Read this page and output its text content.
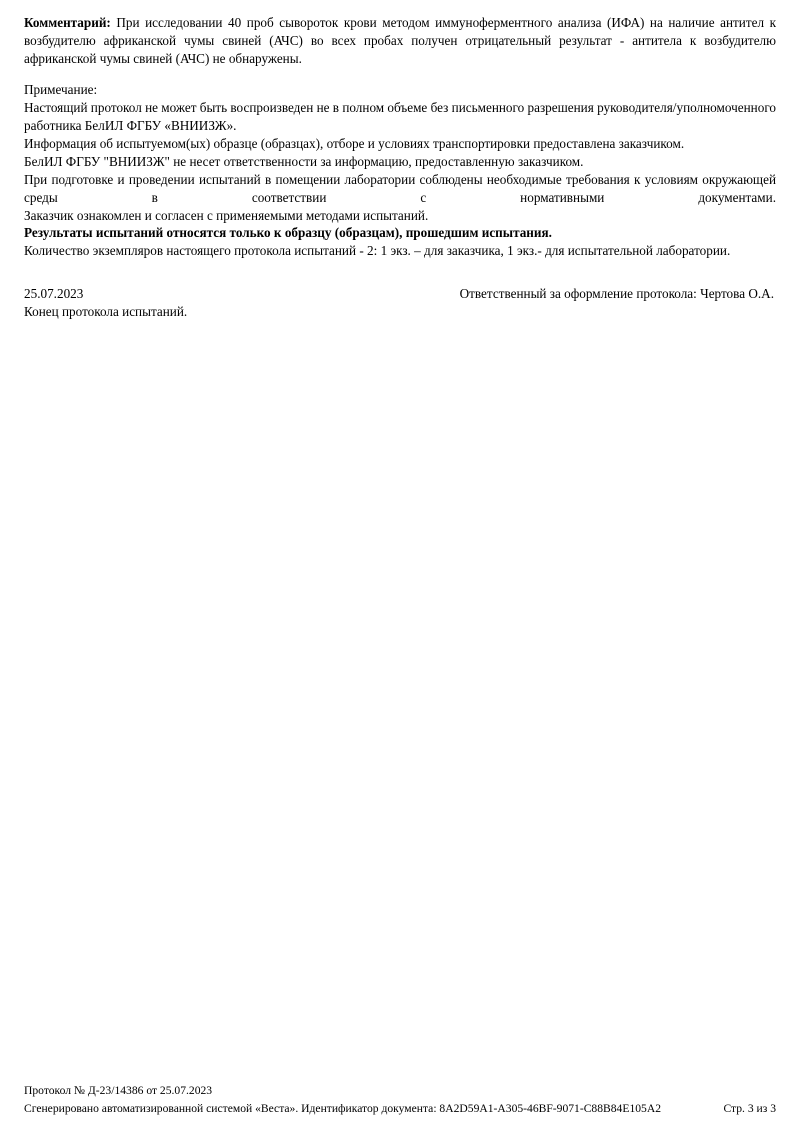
Комментарий: При исследовании 40 проб сывороток крови методом иммуноферментного анализа (ИФА) на наличие антител к возбудителю африканской чумы свиней (АЧС) во всех пробах получен отрицательный результат - антитела к возбудителю африканской чумы свиней (АЧС) не обнаружены.

Примечание:

Настоящий протокол не может быть воспроизведен не в полном объеме без письменного разрешения руководителя/уполномоченного работника БелИЛ ФГБУ «ВНИИЗЖ».

Информация об испытуемом(ых) образце (образцах), отборе и условиях транспортировки предоставлена заказчиком.

БелИЛ ФГБУ "ВНИИЗЖ" не несет ответственности за информацию, предоставленную заказчиком.

При подготовке и проведении испытаний в помещении лаборатории соблюдены необходимые требования к условиям окружающей среды в соответствии с нормативными документами.

Заказчик ознакомлен и согласен с применяемыми методами испытаний.

Результаты испытаний относятся только к образцу (образцам), прошедшим испытания.

Количество экземпляров настоящего протокола испытаний - 2: 1 экз. – для заказчика, 1 экз.- для испытательной лаборатории.

25.07.2023	Ответственный за оформление протокола: Чертова О.А.
Конец протокола испытаний.
Протокол № Д-23/14386 от 25.07.2023
Сгенерировано автоматизированной системой «Веста». Идентификатор документа: 8A2D59A1-A305-46BF-9071-C88B84E105A2	Стр. 3 из 3
